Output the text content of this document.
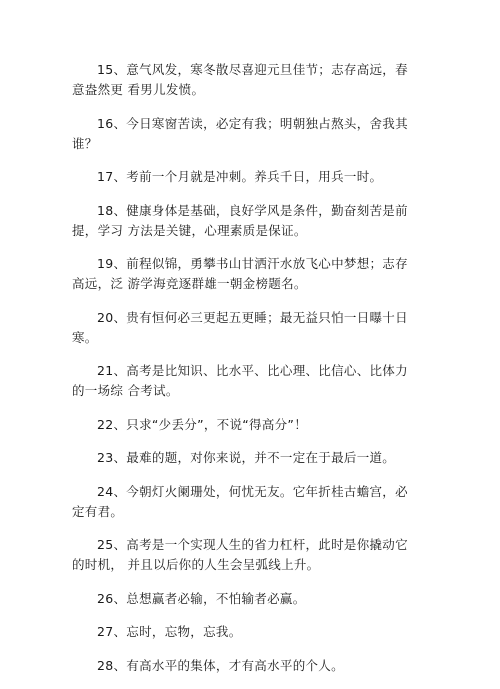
15、意气风发，寒冬散尽喜迎元旦佳节；志存高远，春
意盎然更 看男儿发愤。
16、今日寒窗苦读，必定有我；明朝独占熬头，舍我其
谁？
17、考前一个月就是冲刺。养兵千日，用兵一时。
18、健康身体是基础，良好学风是条件，勤奋刻苦是前
提，学习 方法是关键，心理素质是保证。
19、前程似锦，勇攀书山甘洒汗水放飞心中梦想；志存
高远，泛 游学海竞逐群雄一朝金榜题名。
20、贵有恒何必三更起五更睡；最无益只怕一日曝十日
寒。
21、高考是比知识、比水平、比心理、比信心、比体力
的一场综 合考试。
22、只求“少丢分”，不说“得高分”！
23、最难的题，对你来说，并不一定在于最后一道。
24、今朝灯火阑珊处，何忧无友。它年折桂古蟾宫，必
定有君。
25、高考是一个实现人生的省力杠杆，此时是你撬动它
的时机， 并且以后你的人生会呈弧线上升。
26、总想赢者必输，不怕输者必赢。
27、忘时，忘物，忘我。
28、有高水平的集体，才有高水平的个人。
